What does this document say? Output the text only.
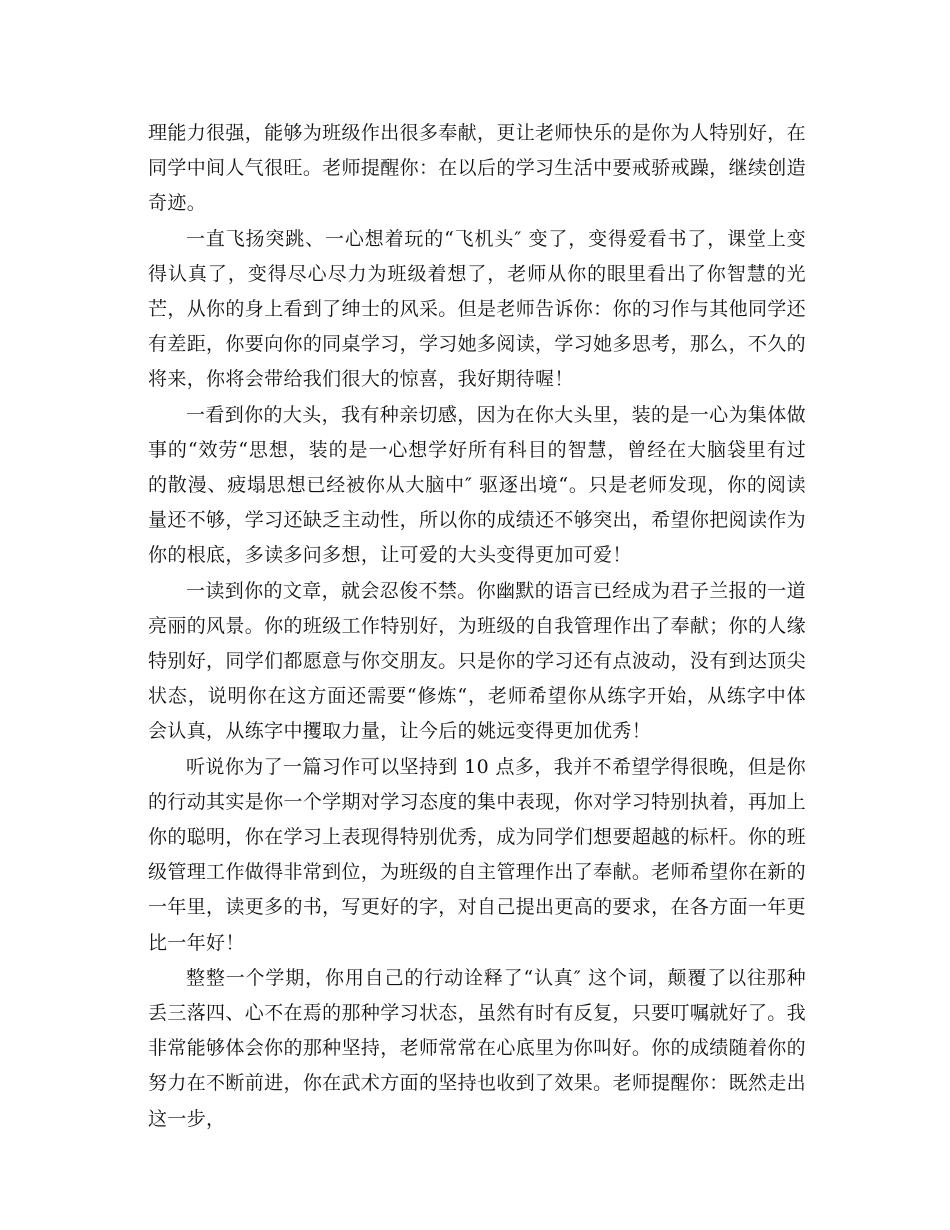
理能力很强，能够为班级作出很多奉献，更让老师快乐的是你为人特别好，在同学中间人气很旺。老师提醒你：在以后的学习生活中要戒骄戒躁，继续创造奇迹。

一直飞扬突跳、一心想着玩的“飞机头″ 变了，变得爱看书了，课堂上变得认真了，变得尽心尽力为班级着想了，老师从你的眼里看出了你智慧的光芒，从你的身上看到了绅士的风采。但是老师告诉你：你的习作与其他同学还有差距，你要向你的同桌学习，学习她多阅读，学习她多思考，那么，不久的将来，你将会带给我们很大的惊喜，我好期待喔！

一看到你的大头，我有种亲切感，因为在你大头里，装的是一心为集体做事的“效劳“思想，装的是一心想学好所有科目的智慧，曾经在大脑袋里有过的散漫、疲塌思想已经被你从大脑中″ 驱逐出境“。只是老师发现，你的阅读量还不够，学习还缺乏主动性，所以你的成绩还不够突出，希望你把阅读作为你的根底，多读多问多想，让可爱的大头变得更加可爱！

一读到你的文章，就会忍俊不禁。你幽默的语言已经成为君子兰报的一道亮丽的风景。你的班级工作特别好，为班级的自我管理作出了奉献；你的人缘特别好，同学们都愿意与你交朋友。只是你的学习还有点波动，没有到达顶尖状态，说明你在这方面还需要“修炼“，老师希望你从练字开始，从练字中体会认真，从练字中攫取力量，让今后的姚远变得更加优秀！

听说你为了一篇习作可以坚持到 10 点多，我并不希望学得很晚，但是你的行动其实是你一个学期对学习态度的集中表现，你对学习特别执着，再加上你的聪明，你在学习上表现得特别优秀，成为同学们想要超越的标杆。你的班级管理工作做得非常到位，为班级的自主管理作出了奉献。老师希望你在新的一年里，读更多的书，写更好的字，对自己提出更高的要求，在各方面一年更比一年好！

整整一个学期，你用自己的行动诠释了“认真″ 这个词，颠覆了以往那种丢三落四、心不在焉的那种学习状态，虽然有时有反复，只要叮嘱就好了。我非常能够体会你的那种坚持，老师常常在心底里为你叫好。你的成绩随着你的努力在不断前进，你在武术方面的坚持也收到了效果。老师提醒你：既然走出这一步，
